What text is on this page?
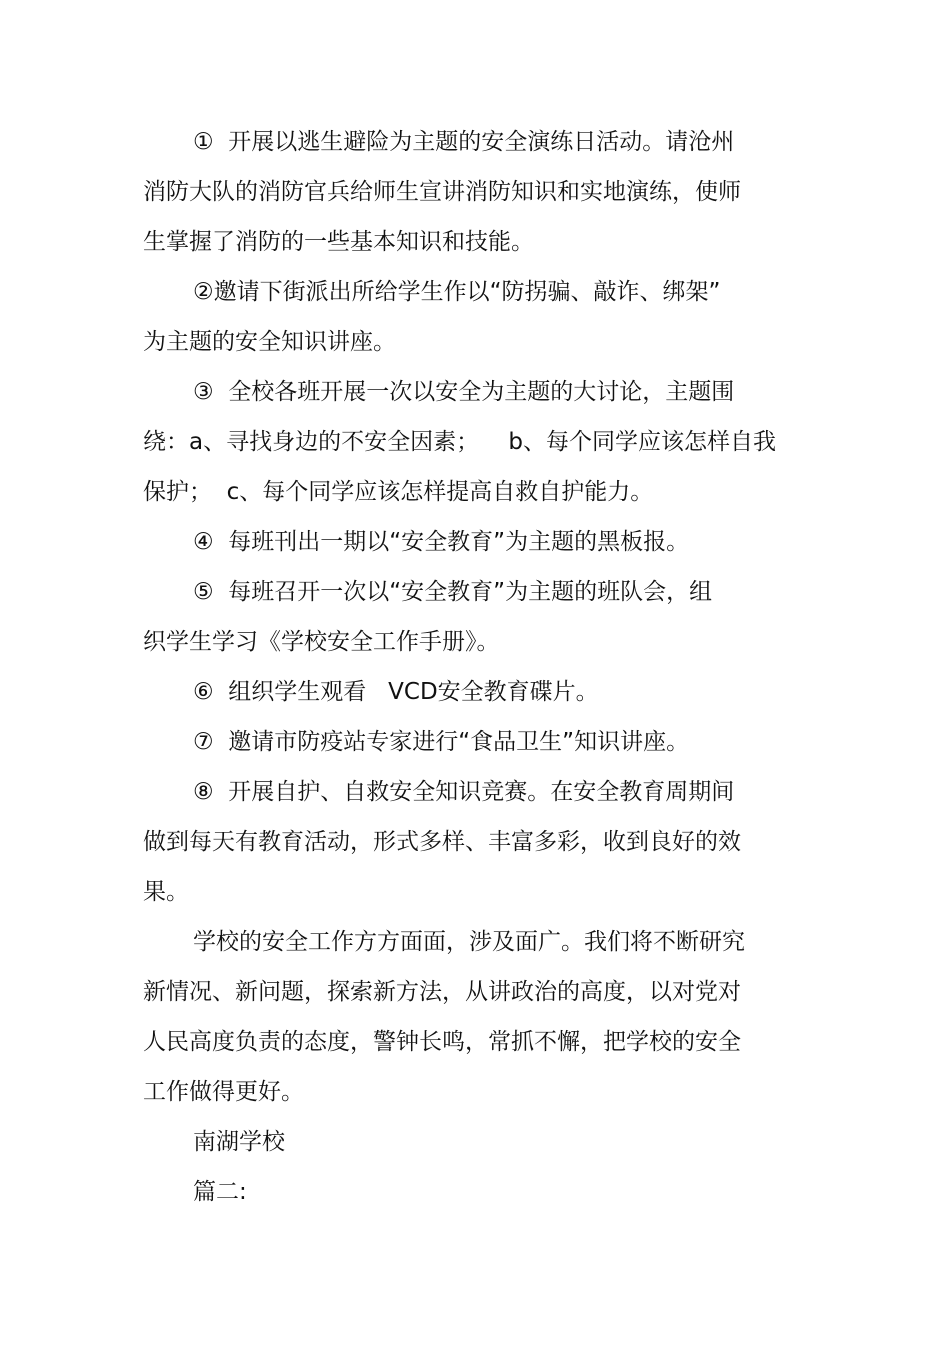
①  开展以逃生避险为主题的安全演练日活动。请沧州
消防大队的消防官兵给师生宣讲消防知识和实地演练，使师
生掌握了消防的一些基本知识和技能。
②邀请下街派出所给学生作以“防拐骗、敲诈、绑架”
为主题的安全知识讲座。
③  全校各班开展一次以安全为主题的大讨论，主题围
绕：a、寻找身边的不安全因素；    b、每个同学应该怎样自我
保护；  c、每个同学应该怎样提高自救自护能力。
④  每班刊出一期以“安全教育”为主题的黑板报。
⑤  每班召开一次以“安全教育”为主题的班队会，组
织学生学习《学校安全工作手册》。
⑥  组织学生观看   VCD安全教育碟片。
⑦  邀请市防疫站专家进行“食品卫生”知识讲座。
⑧  开展自护、自救安全知识竞赛。在安全教育周期间
做到每天有教育活动，形式多样、丰富多彩，收到良好的效
果。
学校的安全工作方方面面，涉及面广。我们将不断研究
新情况、新问题，探索新方法，从讲政治的高度，以对党对
人民高度负责的态度，警钟长鸣，常抓不懈，把学校的安全
工作做得更好。
南湖学校
篇二:
